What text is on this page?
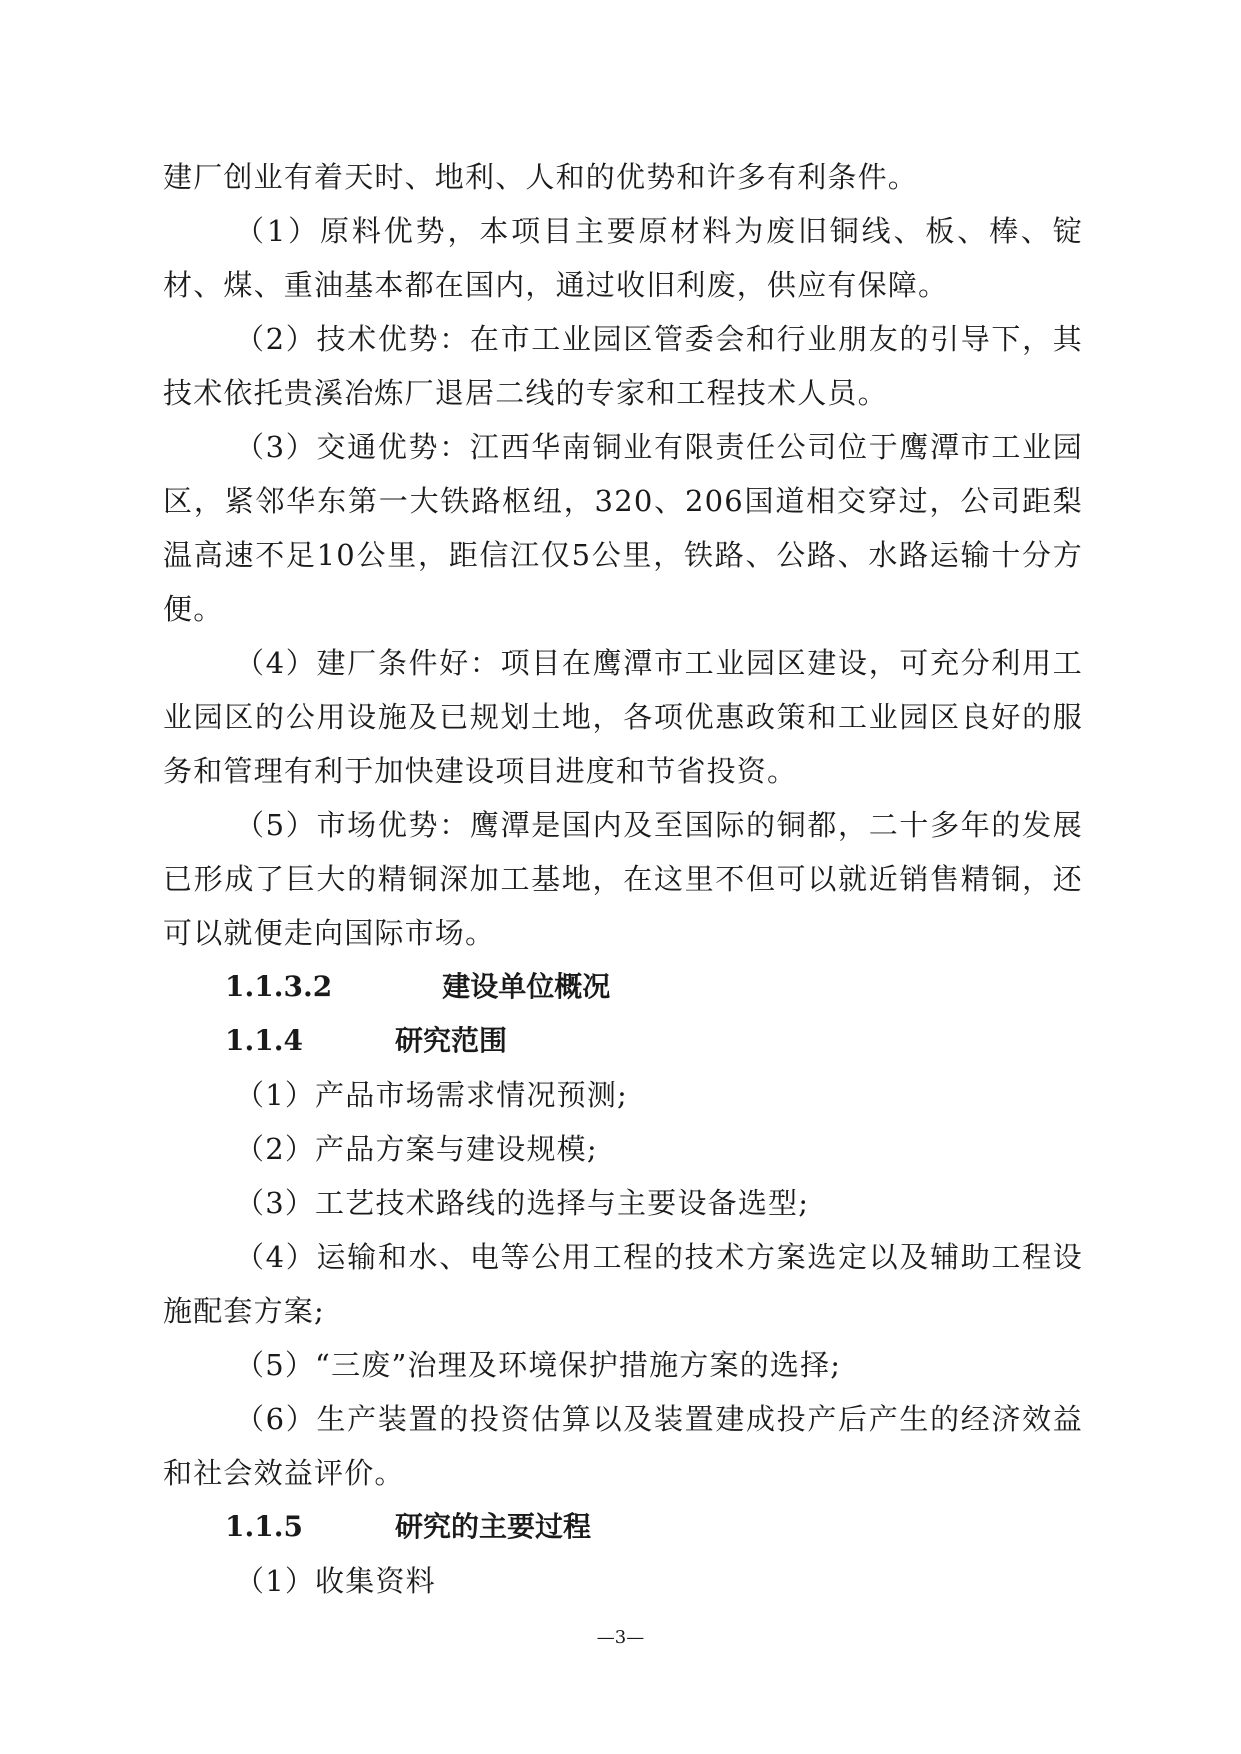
建厂创业有着天时、地利、人和的优势和许多有利条件。

（1）原料优势，本项目主要原材料为废旧铜线、板、棒、锭材、煤、重油基本都在国内，通过收旧利废，供应有保障。

（2）技术优势：在市工业园区管委会和行业朋友的引导下，其技术依托贵溪冶炼厂退居二线的专家和工程技术人员。

（3）交通优势：江西华南铜业有限责任公司位于鹰潭市工业园区，紧邻华东第一大铁路枢纽，320、206国道相交穿过，公司距梨温高速不足10公里，距信江仅5公里，铁路、公路、水路运输十分方便。

（4）建厂条件好：项目在鹰潭市工业园区建设，可充分利用工业园区的公用设施及已规划土地，各项优惠政策和工业园区良好的服务和管理有利于加快建设项目进度和节省投资。

（5）市场优势：鹰潭是国内及至国际的铜都，二十多年的发展已形成了巨大的精铜深加工基地，在这里不但可以就近销售精铜，还可以就便走向国际市场。

1.1.3.2	建设单位概况
1.1.4	研究范围

（1）产品市场需求情况预测;

（2）产品方案与建设规模;

（3）工艺技术路线的选择与主要设备选型;

（4）运输和水、电等公用工程的技术方案选定以及辅助工程设施配套方案;

（5）“三废”治理及环境保护措施方案的选择;

（6）生产装置的投资估算以及装置建成投产后产生的经济效益和社会效益评价。

1.1.5	研究的主要过程

（1）收集资料

—3—
